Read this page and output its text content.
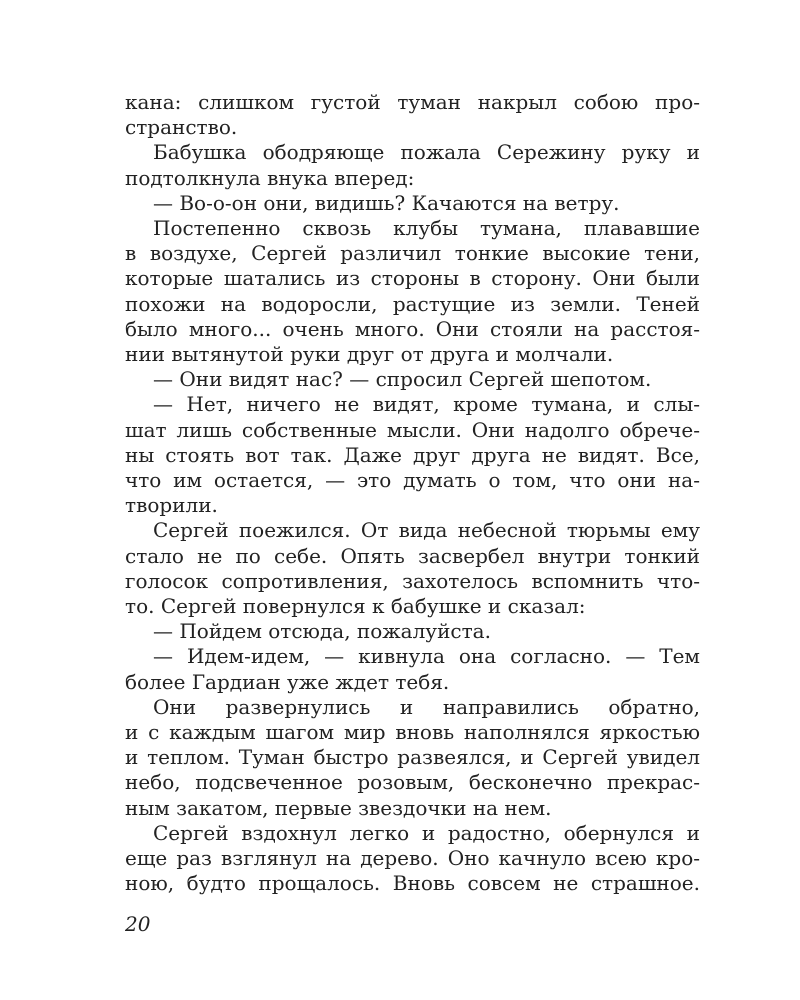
кана: слишком густой туман накрыл собою про-
странство.
Бабушка ободряюще пожала Сережину руку и
подтолкнула внука вперед:
— Во-о-он они, видишь? Качаются на ветру.
Постепенно сквозь клубы тумана, плававшие
в воздухе, Сергей различил тонкие высокие тени,
которые шатались из стороны в сторону. Они были
похожи на водоросли, растущие из земли. Теней
было много... очень много. Они стояли на расстоя-
нии вытянутой руки друг от друга и молчали.
— Они видят нас? — спросил Сергей шепотом.
— Нет, ничего не видят, кроме тумана, и слы-
шат лишь собственные мысли. Они надолго обрече-
ны стоять вот так. Даже друг друга не видят. Все,
что им остается, — это думать о том, что они на-
творили.
Сергей поежился. От вида небесной тюрьмы ему
стало не по себе. Опять засвербел внутри тонкий
голосок сопротивления, захотелось вспомнить что-
то. Сергей повернулся к бабушке и сказал:
— Пойдем отсюда, пожалуйста.
— Идем-идем, — кивнула она согласно. — Тем
более Гардиан уже ждет тебя.
Они развернулись и направились обратно,
и с каждым шагом мир вновь наполнялся яркостью
и теплом. Туман быстро развеялся, и Сергей увидел
небо, подсвеченное розовым, бесконечно прекрас-
ным закатом, первые звездочки на нем.
Сергей вздохнул легко и радостно, обернулся и
еще раз взглянул на дерево. Оно качнуло всею кро-
ною, будто прощалось. Вновь совсем не страшное.
20
